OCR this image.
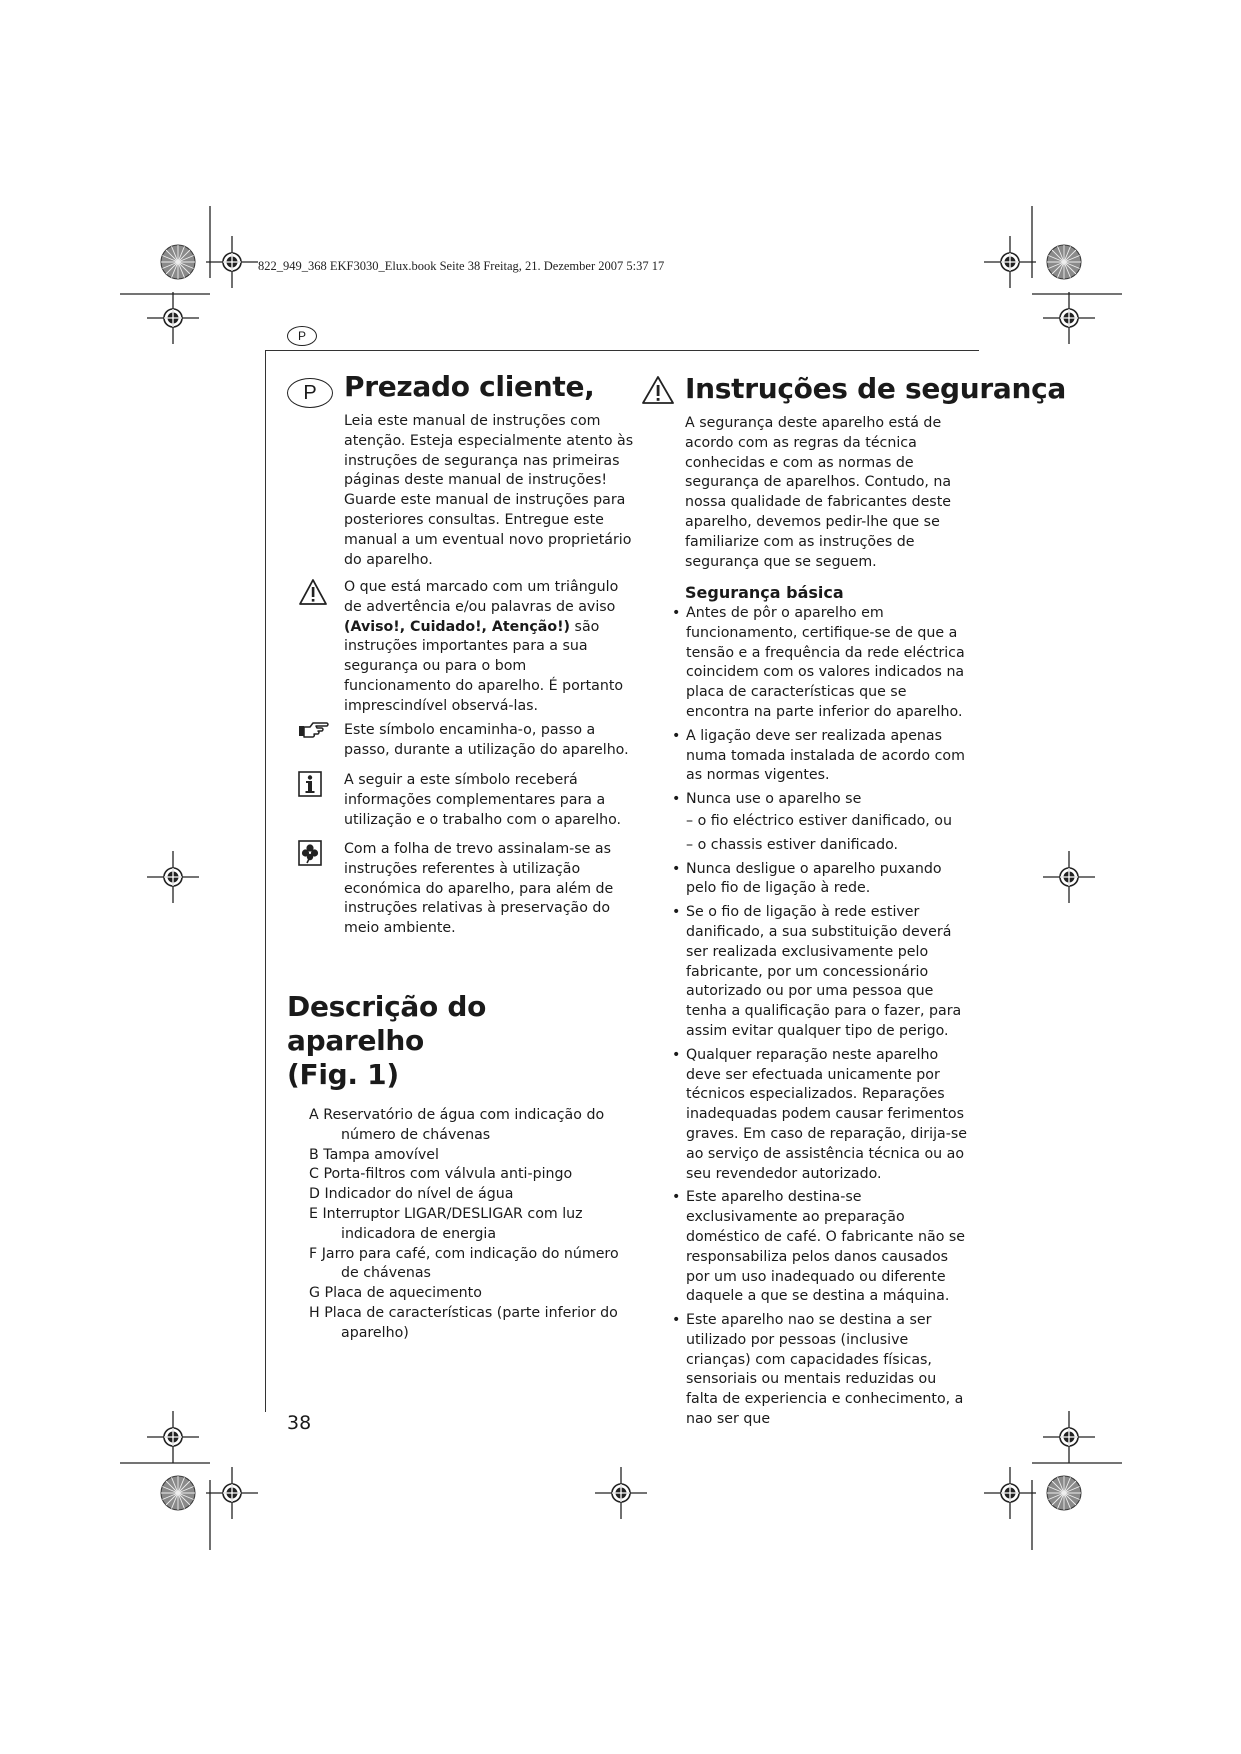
822_949_368 EKF3030_Elux.book Seite 38 Freitag, 21. Dezember 2007 5:37 17
P
P Prezado cliente,

Leia este manual de instruções com atenção. Esteja especialmente atento às instruções de segurança nas primeiras páginas deste manual de instruções! Guarde este manual de instruções para posteriores consultas. Entregue este manual a um eventual novo proprietário do aparelho.

O que está marcado com um triângulo de advertência e/ou palavras de aviso (Aviso!, Cuidado!, Atenção!) são instruções importantes para a sua segurança ou para o bom funcionamento do aparelho. É portanto imprescindível observá-las.

Este símbolo encaminha-o, passo a passo, durante a utilização do aparelho.

A seguir a este símbolo receberá informações complementares para a utilização e o trabalho com o aparelho.

Com a folha de trevo assinalam-se as instruções referentes à utilização económica do aparelho, para além de instruções relativas à preservação do meio ambiente.

Descrição do aparelho
(Fig. 1)
A Reservatório de água com indicação do número de chávenas
B Tampa amovível
C Porta-filtros com válvula anti-pingo
D Indicador do nível de água
E Interruptor LIGAR/DESLIGAR com luz indicadora de energia
F Jarro para café, com indicação do número de chávenas
G Placa de aquecimento
H Placa de características (parte inferior do aparelho)
38
Instruções de segurança

A segurança deste aparelho está de acordo com as regras da técnica conhecidas e com as normas de segurança de aparelhos. Contudo, na nossa qualidade de fabricantes deste aparelho, devemos pedir-lhe que se familiarize com as instruções de segurança que se seguem.

Segurança básica
• Antes de pôr o aparelho em funcionamento, certifique-se de que a tensão e a frequência da rede eléctrica coincidem com os valores indicados na placa de características que se encontra na parte inferior do aparelho.
• A ligação deve ser realizada apenas numa tomada instalada de acordo com as normas vigentes.
• Nunca use o aparelho se
– o fio eléctrico estiver danificado, ou
– o chassis estiver danificado.
• Nunca desligue o aparelho puxando pelo fio de ligação à rede.
• Se o fio de ligação à rede estiver danificado, a sua substituição deverá ser realizada exclusivamente pelo fabricante, por um concessionário autorizado ou por uma pessoa que tenha a qualificação para o fazer, para assim evitar qualquer tipo de perigo.
• Qualquer reparação neste aparelho deve ser efectuada unicamente por técnicos especializados. Reparações inadequadas podem causar ferimentos graves. Em caso de reparação, dirija-se ao serviço de assistência técnica ou ao seu revendedor autorizado.
• Este aparelho destina-se exclusivamente ao preparação doméstico de café. O fabricante não se responsabiliza pelos danos causados por um uso inadequado ou diferente daquele a que se destina a máquina.
• Este aparelho nao se destina a ser utilizado por pessoas (inclusive crianças) com capacidades físicas, sensoriais ou mentais reduzidas ou falta de experiencia e conhecimento, a nao ser que
